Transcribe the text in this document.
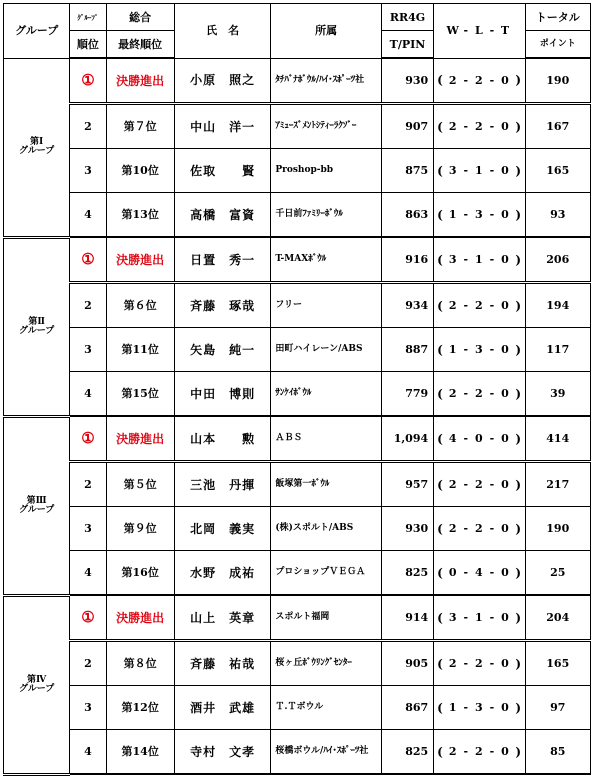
グループ	ｸﾞﾙｰﾌﾟ	総合	氏　名	所属	RR4G		W	-	L	-	T		トータル
	順位	最終順位			T/PIN								ポイント
第Ⅰ
グループ	①	決勝進出	小原　照之	ﾀﾁﾊﾞﾅﾎﾞｳﾙ/ﾊｲ･ｽﾎﾟｰﾂ社	930	(	2	-	2	-	0	)	190
	2	第７位	中山　洋一	ｱﾐｭｰｽﾞﾒﾝﾄｼﾃｨｰﾗｸｿﾞｰ	907	(	2	-	2	-	0	)	167
	3	第10位	佐取　　賢	Proshop-bb	875	(	3	-	1	-	0	)	165
	4	第13位	高橋　富資	千日前ﾌｧﾐﾘｰﾎﾞｳﾙ	863	(	1	-	3	-	0	)	93
第Ⅱ
グループ	①	決勝進出	日置　秀一	T-MAXﾎﾞｳﾙ	916	(	3	-	1	-	0	)	206
	2	第６位	斉藤　琢哉	フリー	934	(	2	-	2	-	0	)	194
	3	第11位	矢島　純一	田町ハイレーン/ABS	887	(	1	-	3	-	0	)	117
	4	第15位	中田　博則	ｻﾝｹｲﾎﾞｳﾙ	779	(	2	-	2	-	0	)	39
第Ⅲ
グループ	①	決勝進出	山本　　勲	ＡＢＳ	1,094	(	4	-	0	-	0	)	414
	2	第５位	三池　丹揮	飯塚第一ﾎﾞｳﾙ	957	(	2	-	2	-	0	)	217
	3	第９位	北岡　義実	(株)スポルト/ABS	930	(	2	-	2	-	0	)	190
	4	第16位	水野　成祐	プロショップＶＥＧＡ	825	(	0	-	4	-	0	)	25
第Ⅳ
グループ	①	決勝進出	山上　英章	スポルト福岡	914	(	3	-	1	-	0	)	204
	2	第８位	斉藤　祐哉	桜ヶ丘ﾎﾞｳﾘﾝｸﾞｾﾝﾀｰ	905	(	2	-	2	-	0	)	165
	3	第12位	酒井　武雄	Ｔ.Ｔボウル	867	(	1	-	3	-	0	)	97
	4	第14位	寺村　文孝	桜橋ボウル/ﾊｲ･ｽﾎﾟｰﾂ社	825	(	2	-	2	-	0	)	85
